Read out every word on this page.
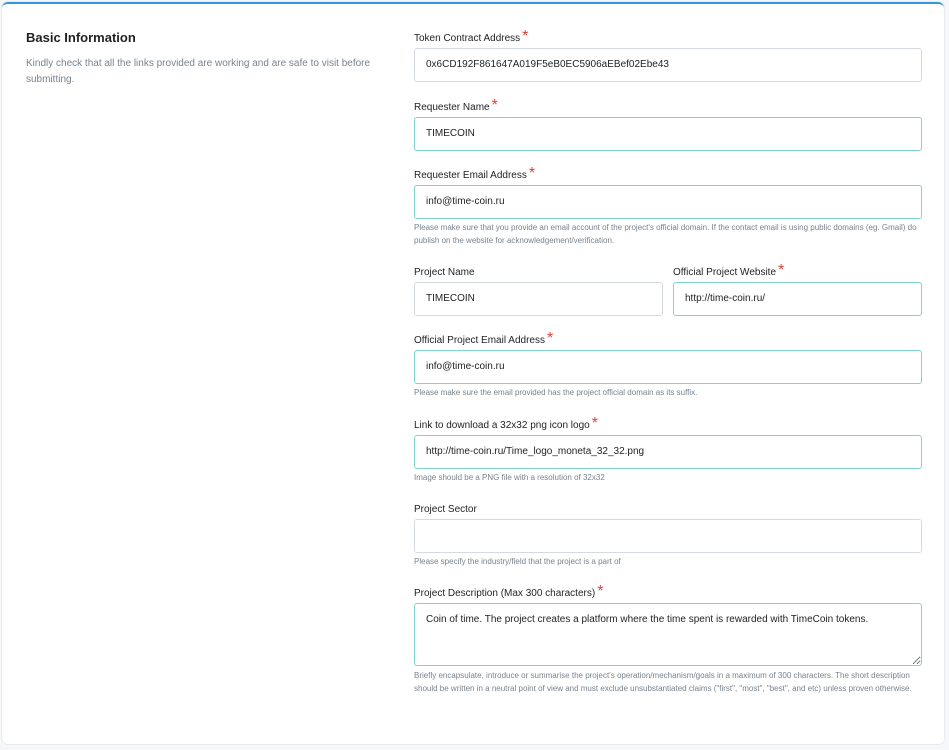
Basic Information
Kindly check that all the links provided are working and are safe to visit before submitting.
Token Contract Address *
0x6CD192F861647A019F5eB0EC5906aEBef02Ebe43
Requester Name *
TIMECOIN
Requester Email Address *
info@time-coin.ru
Please make sure that you provide an email account of the project's official domain. If the contact email is using public domains (eg. Gmail) do publish on the website for acknowledgement/verification.
Project Name
TIMECOIN
Official Project Website *
http://time-coin.ru/
Official Project Email Address *
info@time-coin.ru
Please make sure the email provided has the project official domain as its suffix.
Link to download a 32x32 png icon logo *
http://time-coin.ru/Time_logo_moneta_32_32.png
Image should be a PNG file with a resolution of 32x32
Project Sector
Please specify the industry/field that the project is a part of
Project Description (Max 300 characters) *
Coin of time. The project creates a platform where the time spent is rewarded with TimeCoin tokens.
Briefly encapsulate, introduce or summarise the project's operation/mechanism/goals in a maximum of 300 characters. The short description should be written in a neutral point of view and must exclude unsubstantiated claims ("first", "most", "best", and etc) unless proven otherwise.
